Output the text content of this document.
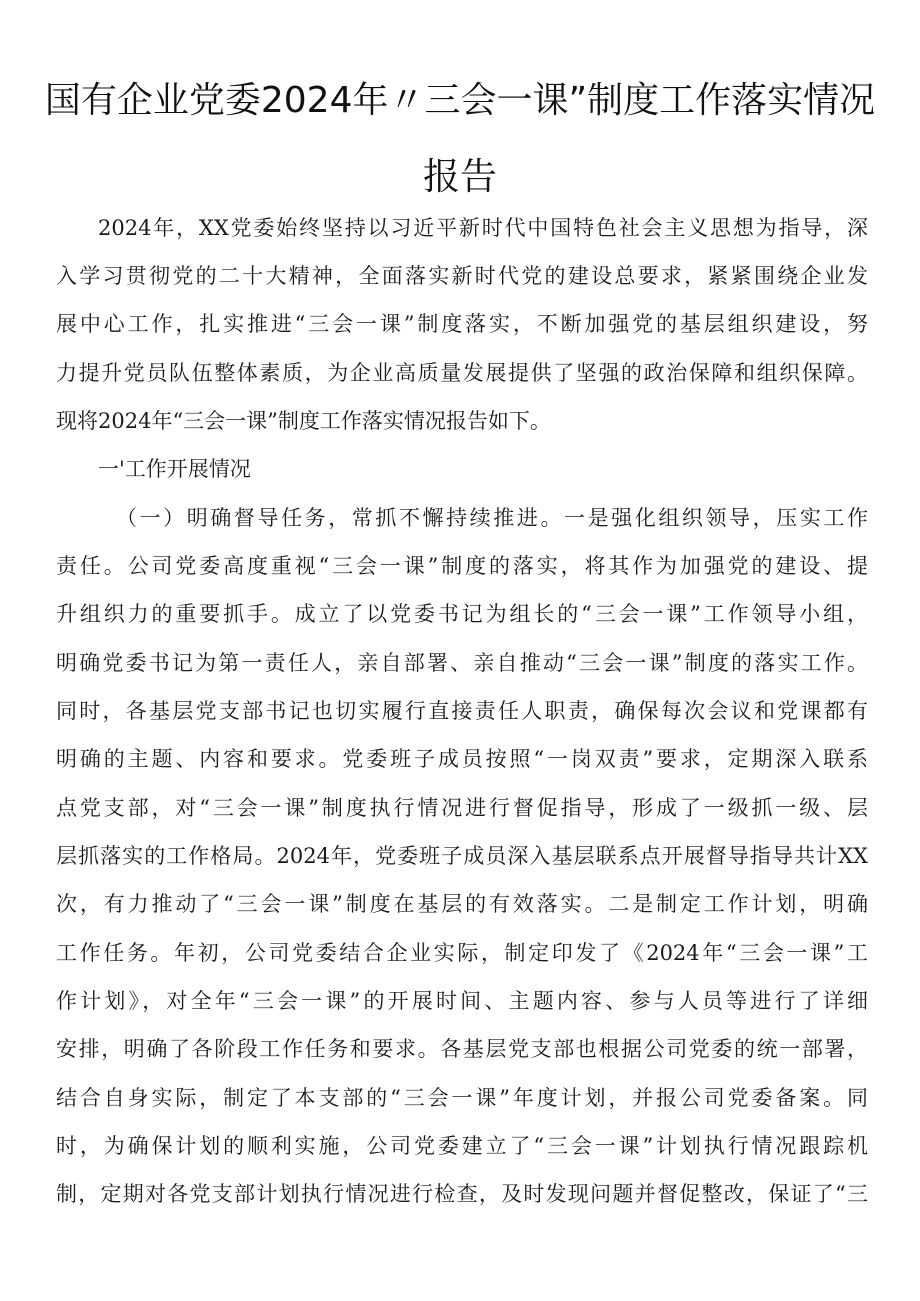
国有企业党委2024年〃三会一课”制度工作落实情况
报告
2024年，XX党委始终坚持以习近平新时代中国特色社会主义思想为指导，深
入学习贯彻党的二十大精神，全面落实新时代党的建设总要求，紧紧围绕企业发
展中心工作，扎实推进“三会一课”制度落实，不断加强党的基层组织建设，努
力提升党员队伍整体素质，为企业高质量发展提供了坚强的政治保障和组织保障。
现将2024年“三会一课”制度工作落实情况报告如下。
一'工作开展情况
（一）明确督导任务，常抓不懈持续推进。一是强化组织领导，压实工作
责任。公司党委高度重视“三会一课”制度的落实，将其作为加强党的建设、提
升组织力的重要抓手。成立了以党委书记为组长的“三会一课”工作领导小组，
明确党委书记为第一责任人，亲自部署、亲自推动“三会一课”制度的落实工作。
同时，各基层党支部书记也切实履行直接责任人职责，确保每次会议和党课都有
明确的主题、内容和要求。党委班子成员按照“一岗双责”要求，定期深入联系
点党支部，对“三会一课”制度执行情况进行督促指导，形成了一级抓一级、层
层抓落实的工作格局。2024年，党委班子成员深入基层联系点开展督导指导共计XX
次，有力推动了“三会一课”制度在基层的有效落实。二是制定工作计划，明确
工作任务。年初，公司党委结合企业实际，制定印发了《2024年“三会一课”工
作计划》，对全年“三会一课”的开展时间、主题内容、参与人员等进行了详细
安排，明确了各阶段工作任务和要求。各基层党支部也根据公司党委的统一部署，
结合自身实际，制定了本支部的“三会一课”年度计划，并报公司党委备案。同
时，为确保计划的顺利实施，公司党委建立了“三会一课”计划执行情况跟踪机
制，定期对各党支部计划执行情况进行检查，及时发现问题并督促整改，保证了“三
